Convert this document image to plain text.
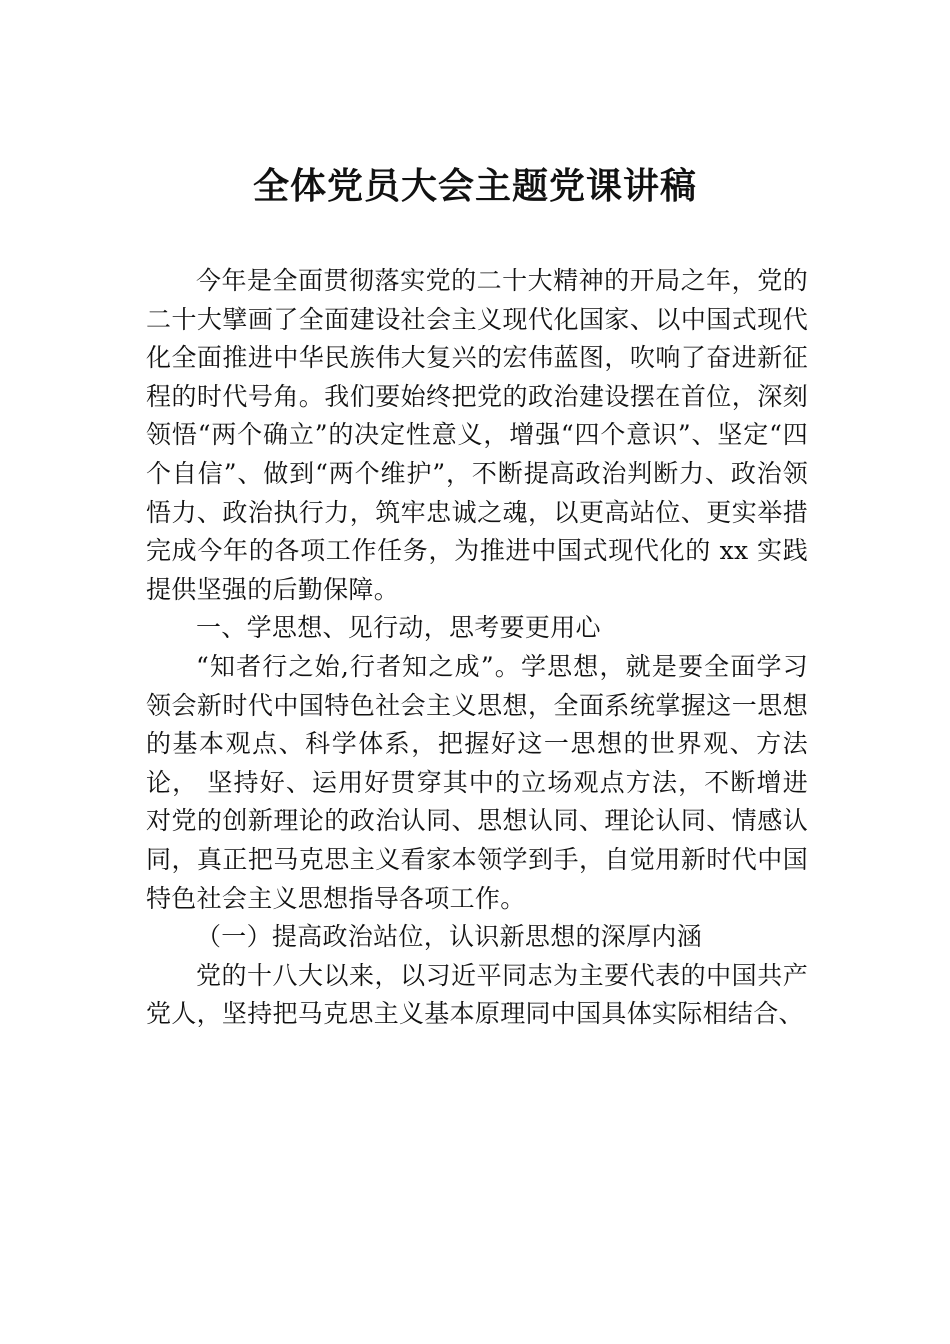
全体党员大会主题党课讲稿

今年是全面贯彻落实党的二十大精神的开局之年，党的二十大擘画了全面建设社会主义现代化国家、以中国式现代化全面推进中华民族伟大复兴的宏伟蓝图，吹响了奋进新征程的时代号角。我们要始终把党的政治建设摆在首位，深刻领悟“两个确立”的决定性意义，增强“四个意识”、坚定“四个自信”、做到“两个维护”，不断提高政治判断力、政治领悟力、政治执行力，筑牢忠诚之魂，以更高站位、更实举措完成今年的各项工作任务，为推进中国式现代化的 xx 实践提供坚强的后勤保障。

一、学思想、见行动，思考要更用心

“知者行之始,行者知之成”。学思想，就是要全面学习领会新时代中国特色社会主义思想，全面系统掌握这一思想的基本观点、科学体系，把握好这一思想的世界观、方法论， 坚持好、运用好贯穿其中的立场观点方法，不断增进对党的创新理论的政治认同、思想认同、理论认同、情感认同，真正把马克思主义看家本领学到手，自觉用新时代中国特色社会主义思想指导各项工作。

（一）提高政治站位，认识新思想的深厚内涵

党的十八大以来，以习近平同志为主要代表的中国共产党人，坚持把马克思主义基本原理同中国具体实际相结合、
